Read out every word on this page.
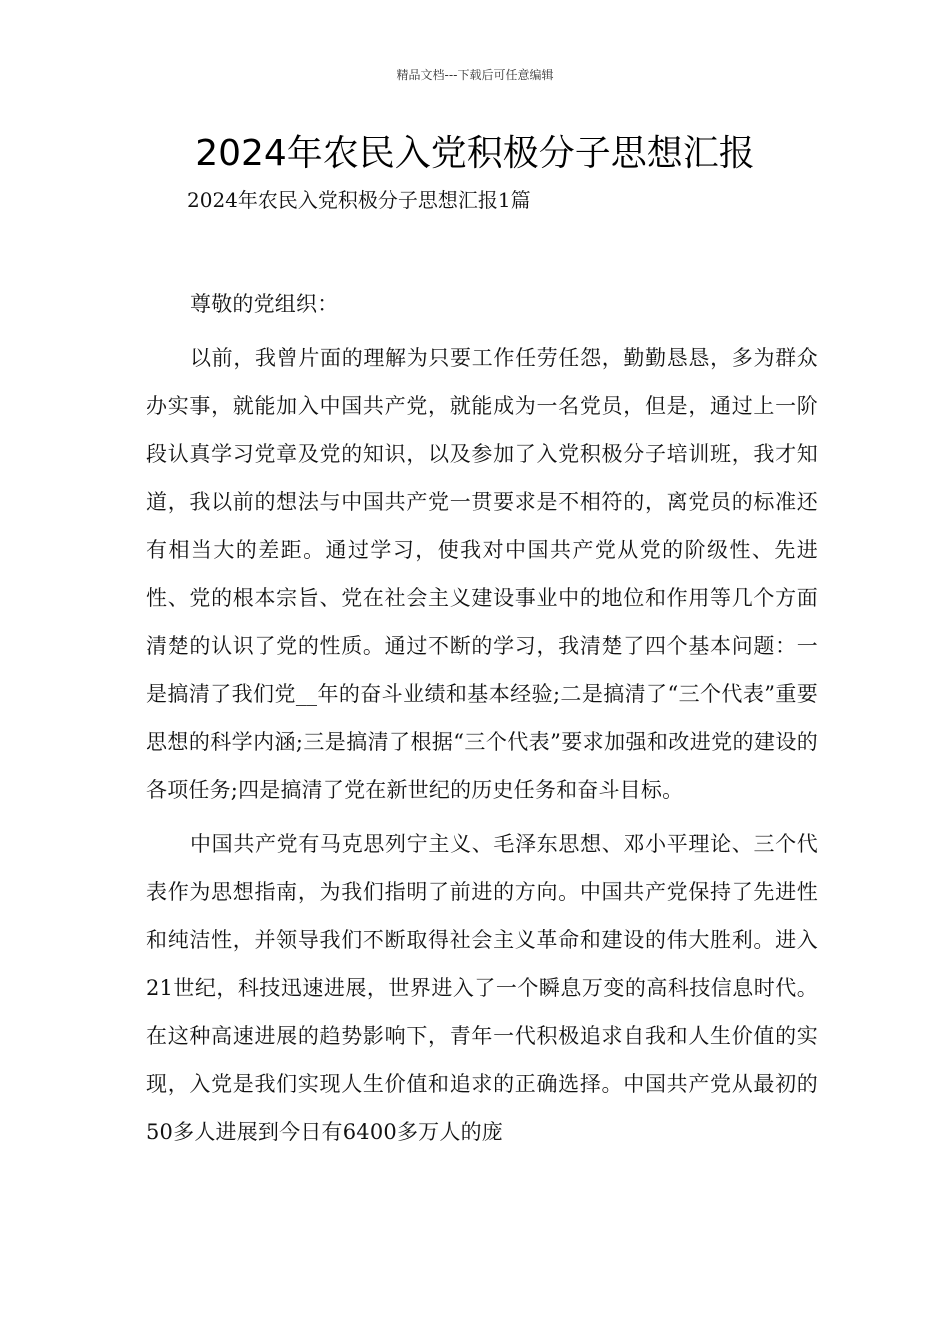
精品文档---下载后可任意编辑
2024年农民入党积极分子思想汇报
2024年农民入党积极分子思想汇报1篇

尊敬的党组织：

以前，我曾片面的理解为只要工作任劳任怨，勤勤恳恳，多为群众办实事，就能加入中国共产党，就能成为一名党员，但是，通过上一阶段认真学习党章及党的知识，以及参加了入党积极分子培训班，我才知道，我以前的想法与中国共产党一贯要求是不相符的，离党员的标准还有相当大的差距。通过学习，使我对中国共产党从党的阶级性、先进性、党的根本宗旨、党在社会主义建设事业中的地位和作用等几个方面清楚的认识了党的性质。通过不断的学习，我清楚了四个基本问题：一是搞清了我们党__年的奋斗业绩和基本经验;二是搞清了“三个代表”重要思想的科学内涵;三是搞清了根据“三个代表”要求加强和改进党的建设的各项任务;四是搞清了党在新世纪的历史任务和奋斗目标。

中国共产党有马克思列宁主义、毛泽东思想、邓小平理论、三个代表作为思想指南，为我们指明了前进的方向。中国共产党保持了先进性和纯洁性，并领导我们不断取得社会主义革命和建设的伟大胜利。进入21世纪，科技迅速进展，世界进入了一个瞬息万变的高科技信息时代。在这种高速进展的趋势影响下，青年一代积极追求自我和人生价值的实现，入党是我们实现人生价值和追求的正确选择。中国共产党从最初的50多人进展到今日有6400多万人的庞
